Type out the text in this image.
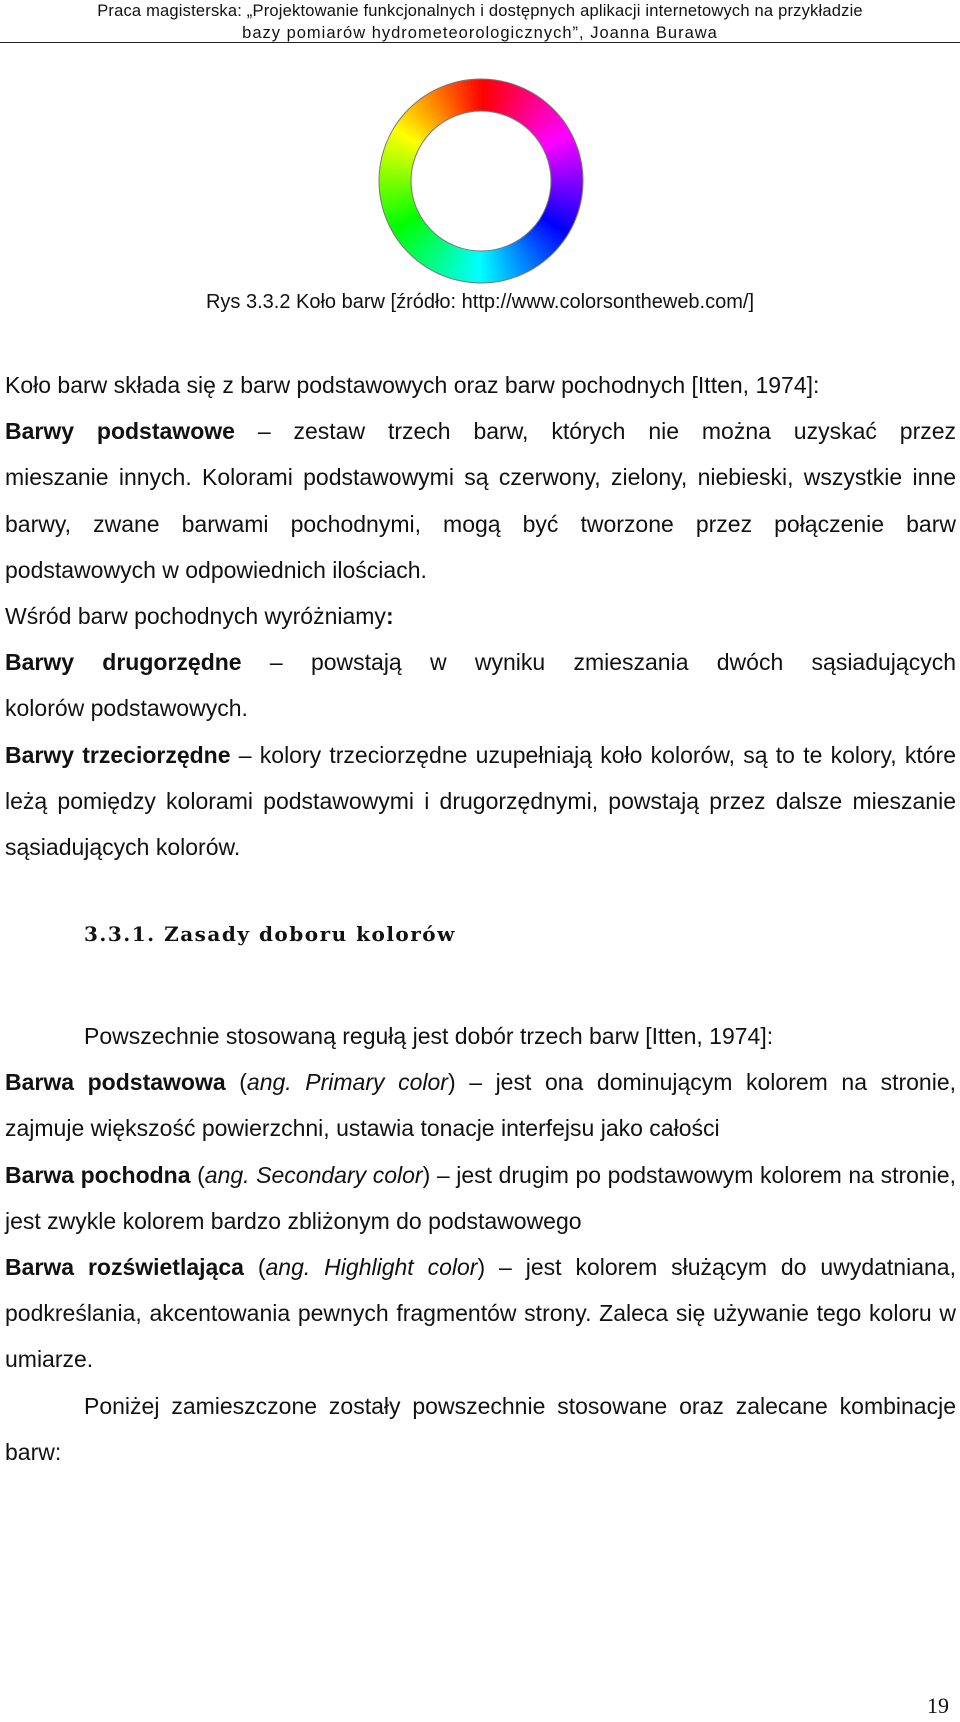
Praca magisterska: „Projektowanie funkcjonalnych i dostępnych aplikacji internetowych na przykładzie
bazy pomiarów hydrometeorologicznych”, Joanna Burawa
Rys 3.3.2 Koło barw [źródło: http://www.colorsontheweb.com/]

Koło barw składa się z barw podstawowych oraz barw pochodnych [Itten, 1974]:

Barwy podstawowe – zestaw trzech barw, których nie można uzyskać przez

mieszanie innych. Kolorami podstawowymi są czerwony, zielony, niebieski, wszystkie inne barwy, zwane barwami pochodnymi, mogą być tworzone przez połączenie barw podstawowych w odpowiednich ilościach.

Wśród barw pochodnych wyróżniamy:

Barwy drugorzędne – powstają w wyniku zmieszania dwóch sąsiadujących

kolorów podstawowych.

Barwy trzeciorzędne – kolory trzeciorzędne uzupełniają koło kolorów, są to te kolory, które leżą pomiędzy kolorami podstawowymi i drugorzędnymi, powstają przez dalsze mieszanie sąsiadujących kolorów.

3.3.1. Zasady doboru kolorów

Powszechnie stosowaną regułą jest dobór trzech barw [Itten, 1974]:

Barwa podstawowa (ang. Primary color) – jest ona dominującym kolorem na stronie, zajmuje większość powierzchni, ustawia tonacje interfejsu jako całości

Barwa pochodna (ang. Secondary color) – jest drugim po podstawowym kolorem na stronie, jest zwykle kolorem bardzo zbliżonym do podstawowego

Barwa rozświetlająca (ang. Highlight color) – jest kolorem służącym do uwydatniana, podkreślania, akcentowania pewnych fragmentów strony. Zaleca się używanie tego koloru w umiarze.

Poniżej zamieszczone zostały powszechnie stosowane oraz zalecane kombinacje barw:

19
